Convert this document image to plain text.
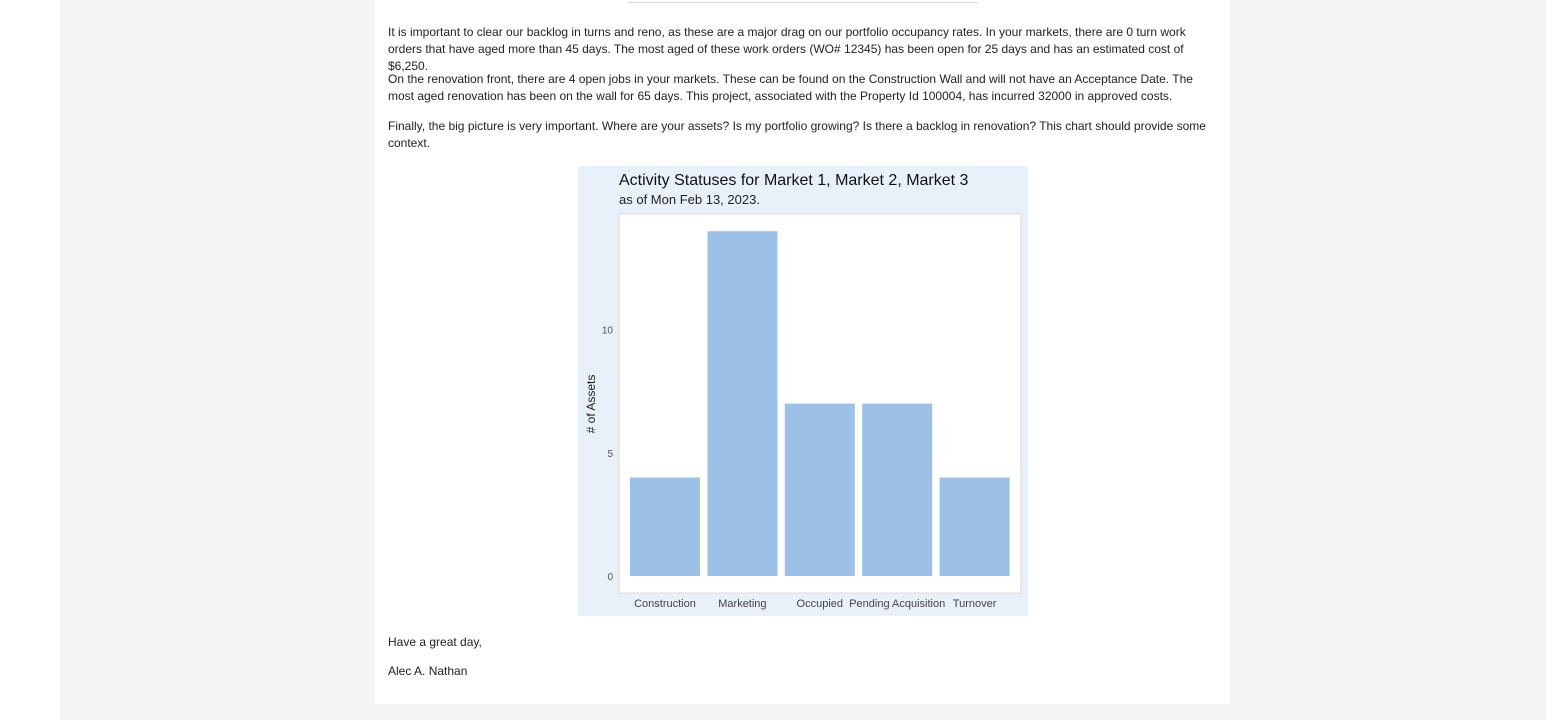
It is important to clear our backlog in turns and reno, as these are a major drag on our portfolio occupancy rates. In your markets, there are 0 turn work orders that have aged more than 45 days. The most aged of these work orders (WO# 12345) has been open for 25 days and has an estimated cost of $6,250.

On the renovation front, there are 4 open jobs in your markets. These can be found on the Construction Wall and will not have an Acceptance Date. The most aged renovation has been on the wall for 65 days. This project, associated with the Property Id 100004, has incurred 32000 in approved costs.

Finally, the big picture is very important. Where are your assets? Is my portfolio growing? Is there a backlog in renovation? This chart should provide some context.

Activity Statuses for Market 1, Market 2, Market 3
as of Mon Feb 13, 2023.
# of Assets
0
5
10
Construction Marketing	Occupied Pending Acquisition Turnover

Have a great day,

Alec A. Nathan
